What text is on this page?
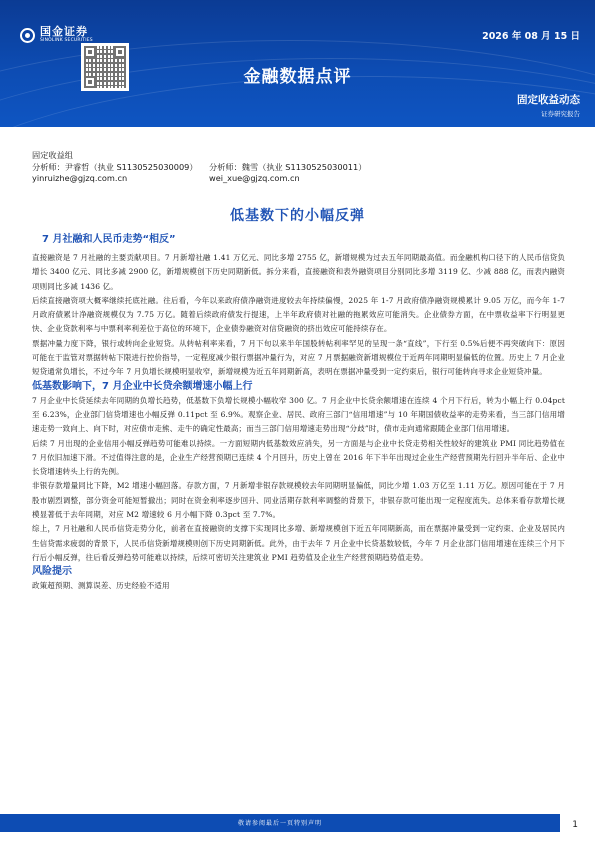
国金证券
SINOLINK SECURITIES	2026 年 08 月 15 日
金融数据点评
固定收益动态
证券研究报告
固定收益组
分析师：尹睿哲（执业 S1130525030009）	分析师：魏雪（执业 S1130525030011）
yinruizhe@gjzq.com.cn	wei_xue@gjzq.com.cn
低基数下的小幅反弹
7 月社融和人民币走势“相反”

直接融资是 7 月社融的主要贡献项目。7 月新增社融 1.41 万亿元、同比多增 2755 亿，新增规模为过去五年同期最高值。而金融机构口径下的人民币信贷负增长 3400 亿元、同比多减 2900 亿，新增规模创下历史同期新低。拆分来看，直接融资和表外融资项目分别同比多增 3119 亿、少减 888 亿，而表内融资项则同比多减 1436 亿。

后续直接融资项大概率继续托底社融。往后看，今年以来政府债净融资进度较去年持续偏慢，2025 年 1-7 月政府债净融资规模累计 9.05 万亿，而今年 1-7 月政府债累计净融资规模仅为 7.75 万亿。随着后续政府债发行提速，上半年政府债对社融的拖累效应可能消失。企业债券方面，在中票收益率下行明显更快、企业贷款利率与中票利率利差位于高位的环境下，企业债券融资对信贷融资的挤出效应可能持续存在。

票据冲量力度下降，银行或转向企业短贷。从转帖利率来看，7 月下旬以来半年国股转帖利率罕见的呈现一条“直线”，下行至 0.5%后便不再突破向下：原因可能在于监管对票据转帖下限进行控价指导，一定程度减少银行票据冲量行为，对应 7 月票据融资新增规模位于近两年同期明显偏低的位置。历史上 7 月企业短贷通常负增长，不过今年 7 月负增长规模明显收窄，新增规模为近五年同期新高，表明在票据冲量受到一定约束后，银行可能转向寻求企业短贷冲量。

低基数影响下，7 月企业中长贷余额增速小幅上行

7 月企业中长贷延续去年同期的负增长趋势，低基数下负增长规模小幅收窄 300 亿。7 月企业中长贷余额增速在连续 4 个月下行后，转为小幅上行 0.04pct 至 6.23%，企业部门信贷增速也小幅反弹 0.11pct 至 6.9%。观察企业、居民、政府三部门“信用增速”与 10 年期国债收益率的走势来看，当三部门信用增速走势一致向上、向下时，对应债市走熊、走牛的确定性最高；而当三部门信用增速走势出现“分歧”时，债市走向通常跟随企业部门信用增速。

后续 7 月出现的企业信用小幅反弹趋势可能难以持续。一方面短期内低基数效应消失，另一方面是与企业中长贷走势相关性较好的建筑业 PMI 同比趋势值在 7 月依旧加速下滑。不过值得注意的是，企业生产经营预期已连续 4 个月回升，历史上曾在 2016 年下半年出现过企业生产经营预期先行回升半年后、企业中长贷增速转头上行的先例。

非银存款增量同比下降，M2 增速小幅回落。存款方面，7 月新增非银存款规模较去年同期明显偏低，同比少增 1.03 万亿至 1.11 万亿。原因可能在于 7 月股市剧烈调整，部分资金可能短暂撤出；同时在资金利率逐步回升、同业活期存款利率调整的背景下，非银存款可能出现一定程度流失。总体来看存款增长规模显著低于去年同期，对应 M2 增速较 6 月小幅下降 0.3pct 至 7.7%。

综上，7 月社融和人民币信贷走势分化，前者在直接融资的支撑下实现同比多增、新增规模创下近五年同期新高，而在票据冲量受到一定约束、企业及居民内生信贷需求疲弱的背景下，人民币信贷新增规模则创下历史同期新低。此外，由于去年 7 月企业中长贷基数较低，今年 7 月企业部门信用增速在连续三个月下行后小幅反弹，往后看反弹趋势可能难以持续，后续可密切关注建筑业 PMI 趋势值及企业生产经营预期趋势值走势。

风险提示

政策超预期、测算误差、历史经验不适用

敬请参阅最后一页特别声明	1
